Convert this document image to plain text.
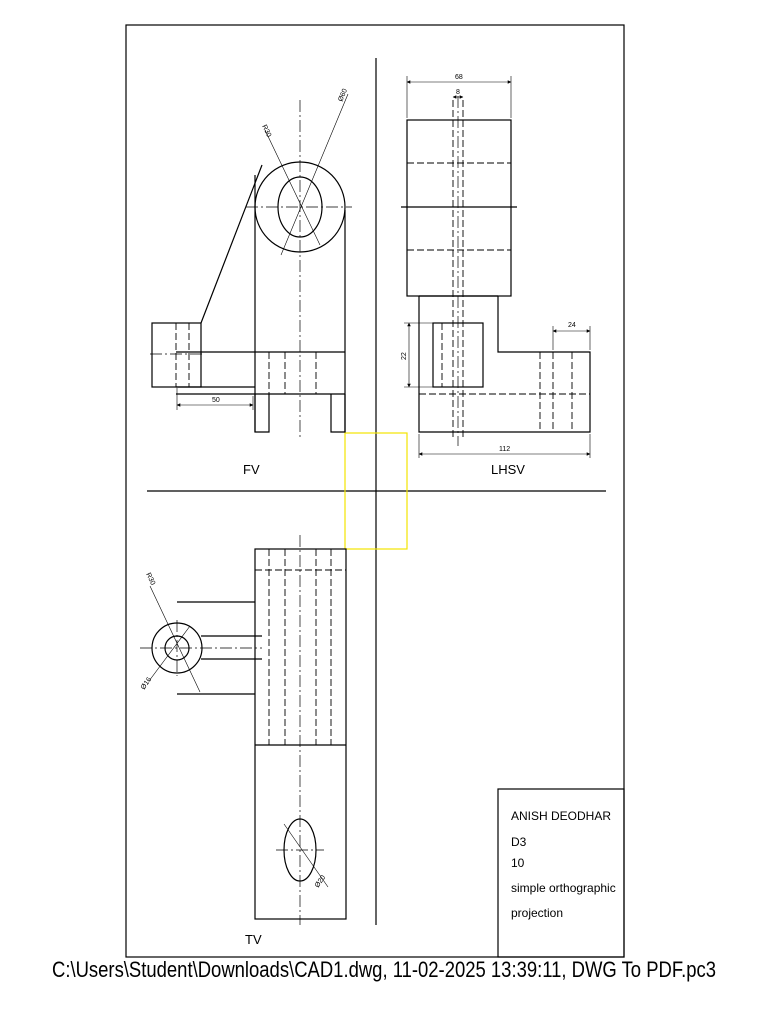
50
R30
Ø60
FV
68
8
24
22
112
LHSV
R30
Ø16
Ø20
TV
ANISH DEODHAR
D3
10
simple orthographic
projection
C:\Users\Student\Downloads\CAD1.dwg, 11-02-2025 13:39:11, DWG To PDF.pc3
